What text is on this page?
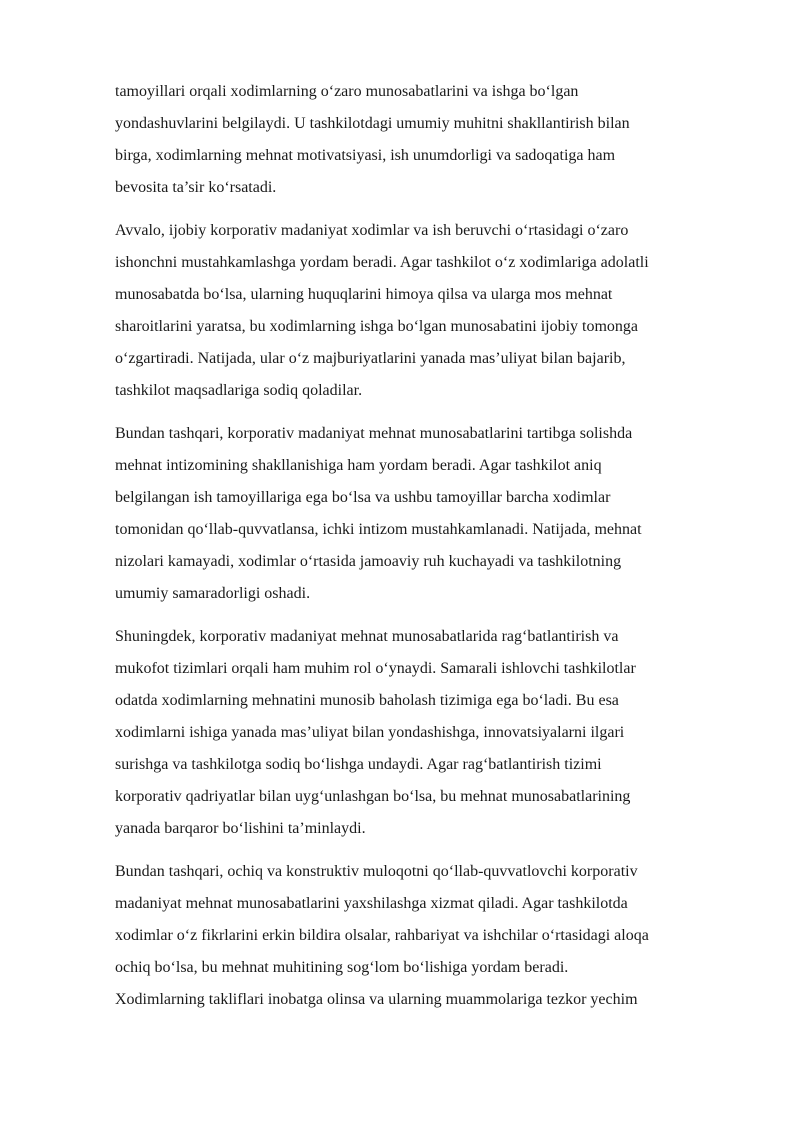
tamoyillari orqali xodimlarning o‘zaro munosabatlarini va ishga bo‘lgan
yondashuvlarini belgilaydi. U tashkilotdagi umumiy muhitni shakllantirish bilan
birga, xodimlarning mehnat motivatsiyasi, ish unumdorligi va sadoqatiga ham
bevosita ta’sir ko‘rsatadi.
Avvalo, ijobiy korporativ madaniyat xodimlar va ish beruvchi o‘rtasidagi o‘zaro
ishonchni mustahkamlashga yordam beradi. Agar tashkilot o‘z xodimlariga adolatli
munosabatda bo‘lsa, ularning huquqlarini himoya qilsa va ularga mos mehnat
sharoitlarini yaratsa, bu xodimlarning ishga bo‘lgan munosabatini ijobiy tomonga
o‘zgartiradi. Natijada, ular o‘z majburiyatlarini yanada mas’uliyat bilan bajarib,
tashkilot maqsadlariga sodiq qoladilar.
Bundan tashqari, korporativ madaniyat mehnat munosabatlarini tartibga solishda
mehnat intizomining shakllanishiga ham yordam beradi. Agar tashkilot aniq
belgilangan ish tamoyillariga ega bo‘lsa va ushbu tamoyillar barcha xodimlar
tomonidan qo‘llab-quvvatlansa, ichki intizom mustahkamlanadi. Natijada, mehnat
nizolari kamayadi, xodimlar o‘rtasida jamoaviy ruh kuchayadi va tashkilotning
umumiy samaradorligi oshadi.
Shuningdek, korporativ madaniyat mehnat munosabatlarida rag‘batlantirish va
mukofot tizimlari orqali ham muhim rol o‘ynaydi. Samarali ishlovchi tashkilotlar
odatda xodimlarning mehnatini munosib baholash tizimiga ega bo‘ladi. Bu esa
xodimlarni ishiga yanada mas’uliyat bilan yondashishga, innovatsiyalarni ilgari
surishga va tashkilotga sodiq bo‘lishga undaydi. Agar rag‘batlantirish tizimi
korporativ qadriyatlar bilan uyg‘unlashgan bo‘lsa, bu mehnat munosabatlarining
yanada barqaror bo‘lishini ta’minlaydi.
Bundan tashqari, ochiq va konstruktiv muloqotni qo‘llab-quvvatlovchi korporativ
madaniyat mehnat munosabatlarini yaxshilashga xizmat qiladi. Agar tashkilotda
xodimlar o‘z fikrlarini erkin bildira olsalar, rahbariyat va ishchilar o‘rtasidagi aloqa
ochiq bo‘lsa, bu mehnat muhitining sog‘lom bo‘lishiga yordam beradi.
Xodimlarning takliflari inobatga olinsa va ularning muammolariga tezkor yechim
